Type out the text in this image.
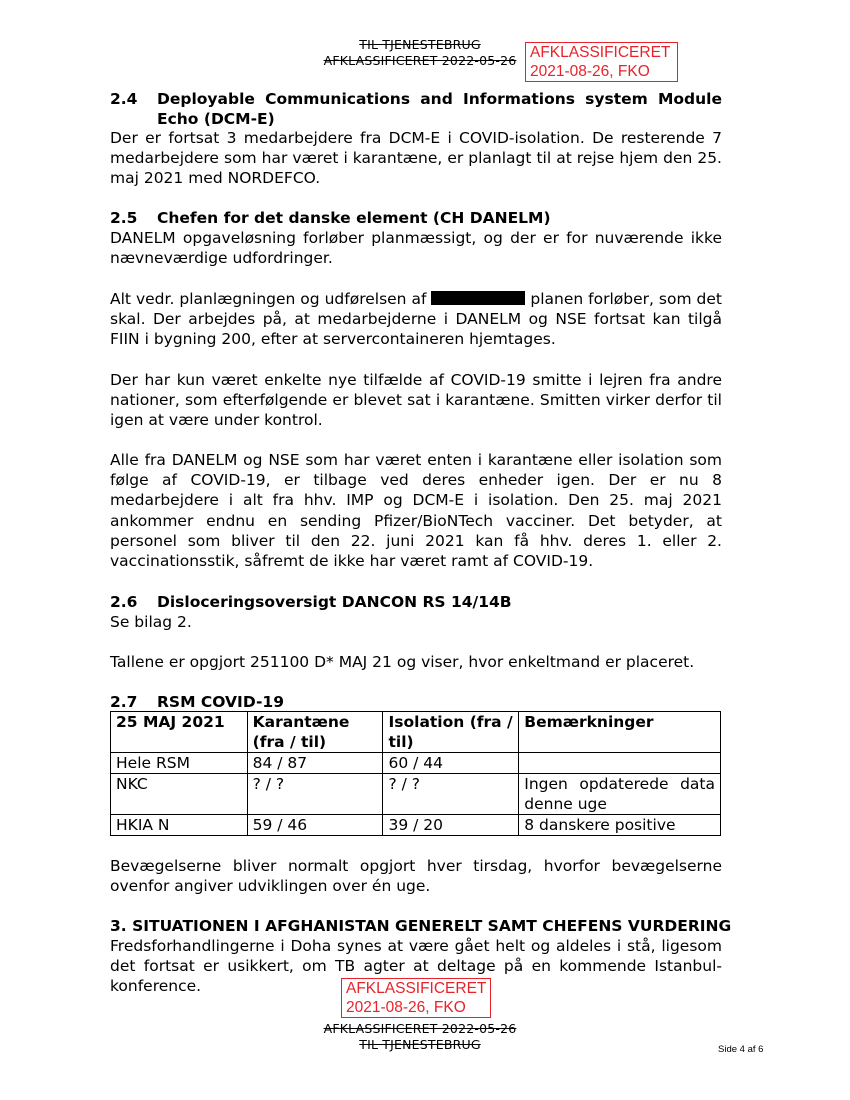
TIL TJENESTEBRUG
AFKLASSIFICERET 2022-05-26 AFKLASSIFICERET
2021-08-26, FKO
2.4	Deployable Communications and Informations system Module Echo (DCM-E)
Der er fortsat 3 medarbejdere fra DCM-E i COVID-isolation. De resterende 7 medarbejdere som har været i karantæne, er planlagt til at rejse hjem den 25. maj 2021 med NORDEFCO.
2.5	Chefen for det danske element (CH DANELM)
DANELM opgaveløsning forløber planmæssigt, og der er for nuværende ikke nævneværdige udfordringer.
Alt vedr. planlægningen og udførelsen af	planen forløber, som det skal. Der arbejdes på, at medarbejderne i DANELM og NSE fortsat kan tilgå FIIN i bygning 200, efter at servercontaineren hjemtages.
Der har kun været enkelte nye tilfælde af COVID-19 smitte i lejren fra andre nationer, som efterfølgende er blevet sat i karantæne. Smitten virker derfor til igen at være under kontrol.
Alle fra DANELM og NSE som har været enten i karantæne eller isolation som følge af COVID-19, er tilbage ved deres enheder igen. Der er nu 8 medarbejdere i alt fra hhv. IMP og DCM-E i isolation. Den 25. maj 2021 ankommer endnu en sending Pfizer/BioNTech vacciner. Det betyder, at personel som bliver til den 22. juni 2021 kan få hhv. deres 1. eller 2. vaccinationsstik, såfremt de ikke har været ramt af COVID-19.
2.6	Disloceringsoversigt DANCON RS 14/14B
Se bilag 2.
Tallene er opgjort 251100 D* MAJ 21 og viser, hvor enkeltmand er placeret.
2.7	RSM COVID-19
25 MAJ 2021	Karantæne (fra / til)	Isolation (fra / til)	Bemærkninger
Hele RSM	84 / 87	60 / 44	
NKC	? / ?	? / ?	Ingen opdaterede data denne uge
HKIA N	59 / 46	39 / 20	8 danskere positive
Bevægelserne bliver normalt opgjort hver tirsdag, hvorfor bevægelserne ovenfor angiver udviklingen over én uge.
3. SITUATIONEN I AFGHANISTAN GENERELT SAMT CHEFENS VURDERING
Fredsforhandlingerne i Doha synes at være gået helt og aldeles i stå, ligesom det fortsat er usikkert, om TB agter at deltage på en kommende Istanbul-konference.	AFKLASSIFICERET
2021-08-26, FKO
AFKLASSIFICERET 2022-05-26
TIL TJENESTEBRUG	Side 4 af 6
